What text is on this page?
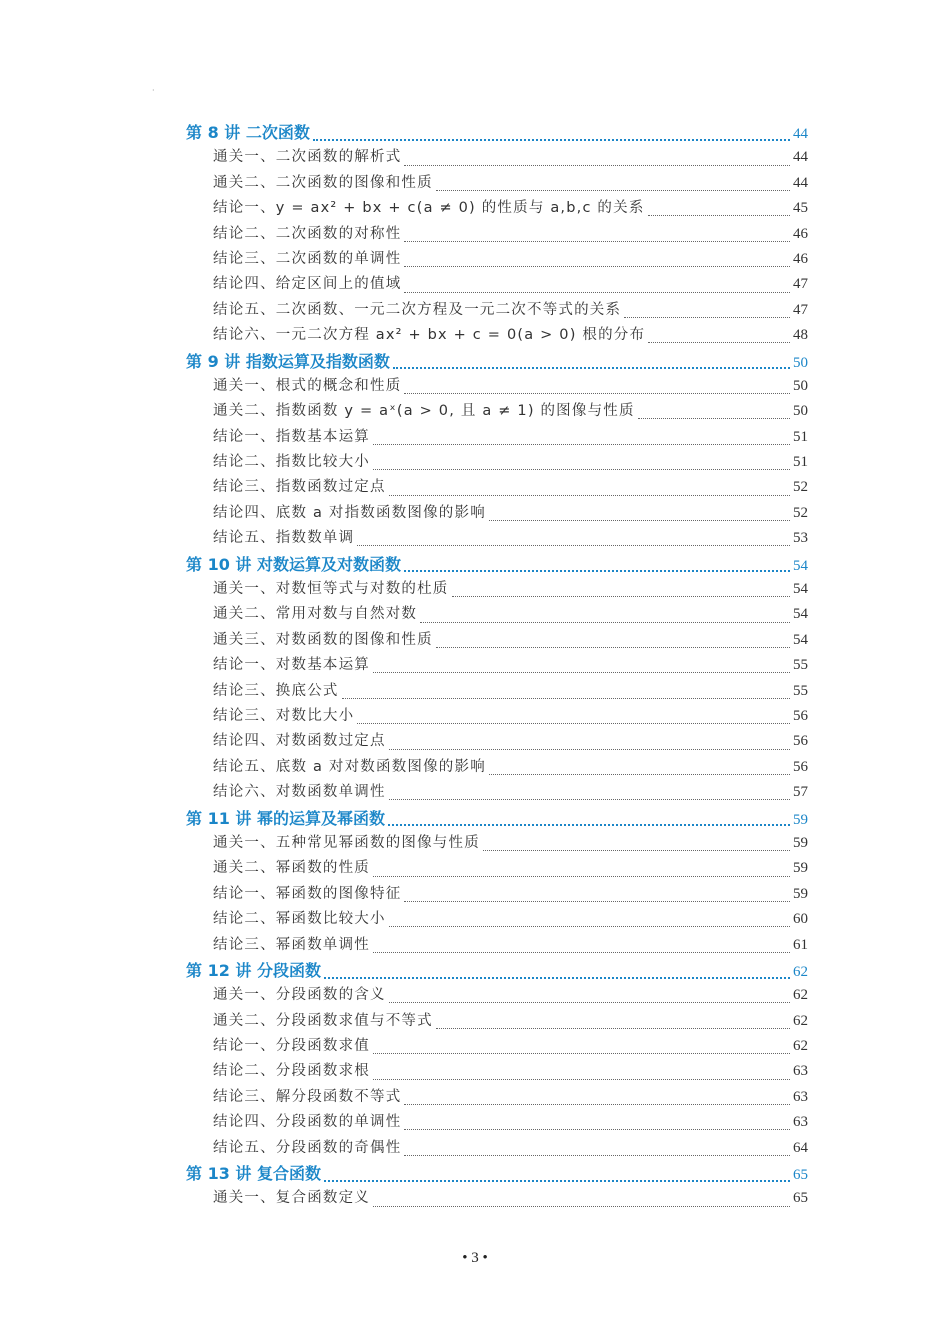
·
第 8 讲 二次函数	44
通关一、二次函数的解析式	44
通关二、二次函数的图像和性质	44
结论一、y = ax² + bx + c(a ≠ 0) 的性质与 a,b,c 的关系	45
结论二、二次函数的对称性	46
结论三、二次函数的单调性	46
结论四、给定区间上的值域	47
结论五、二次函数、一元二次方程及一元二次不等式的关系	47
结论六、一元二次方程 ax² + bx + c = 0(a > 0) 根的分布	48
第 9 讲 指数运算及指数函数	50
通关一、根式的概念和性质	50
通关二、指数函数 y = aˣ(a > 0, 且 a ≠ 1) 的图像与性质	50
结论一、指数基本运算	51
结论二、指数比较大小	51
结论三、指数函数过定点	52
结论四、底数 a 对指数函数图像的影响	52
结论五、指数数单调	53
第 10 讲 对数运算及对数函数	54
通关一、对数恒等式与对数的杜质	54
通关二、常用对数与自然对数	54
通关三、对数函数的图像和性质	54
结论一、对数基本运算	55
结论三、换底公式	55
结论三、对数比大小	56
结论四、对数函数过定点	56
结论五、底数 a 对对数函数图像的影响	56
结论六、对数函数单调性	57
第 11 讲 幂的运算及幂函数	59
通关一、五种常见幂函数的图像与性质	59
通关二、幂函数的性质	59
结论一、幂函数的图像特征	59
结论二、幂函数比较大小	60
结论三、幂函数单调性	61
第 12 讲 分段函数	62
通关一、分段函数的含义	62
通关二、分段函数求值与不等式	62
结论一、分段函数求值	62
结论二、分段函数求根	63
结论三、解分段函数不等式	63
结论四、分段函数的单调性	63
结论五、分段函数的奇偶性	64
第 13 讲 复合函数	65
通关一、复合函数定义	65
• 3 •
